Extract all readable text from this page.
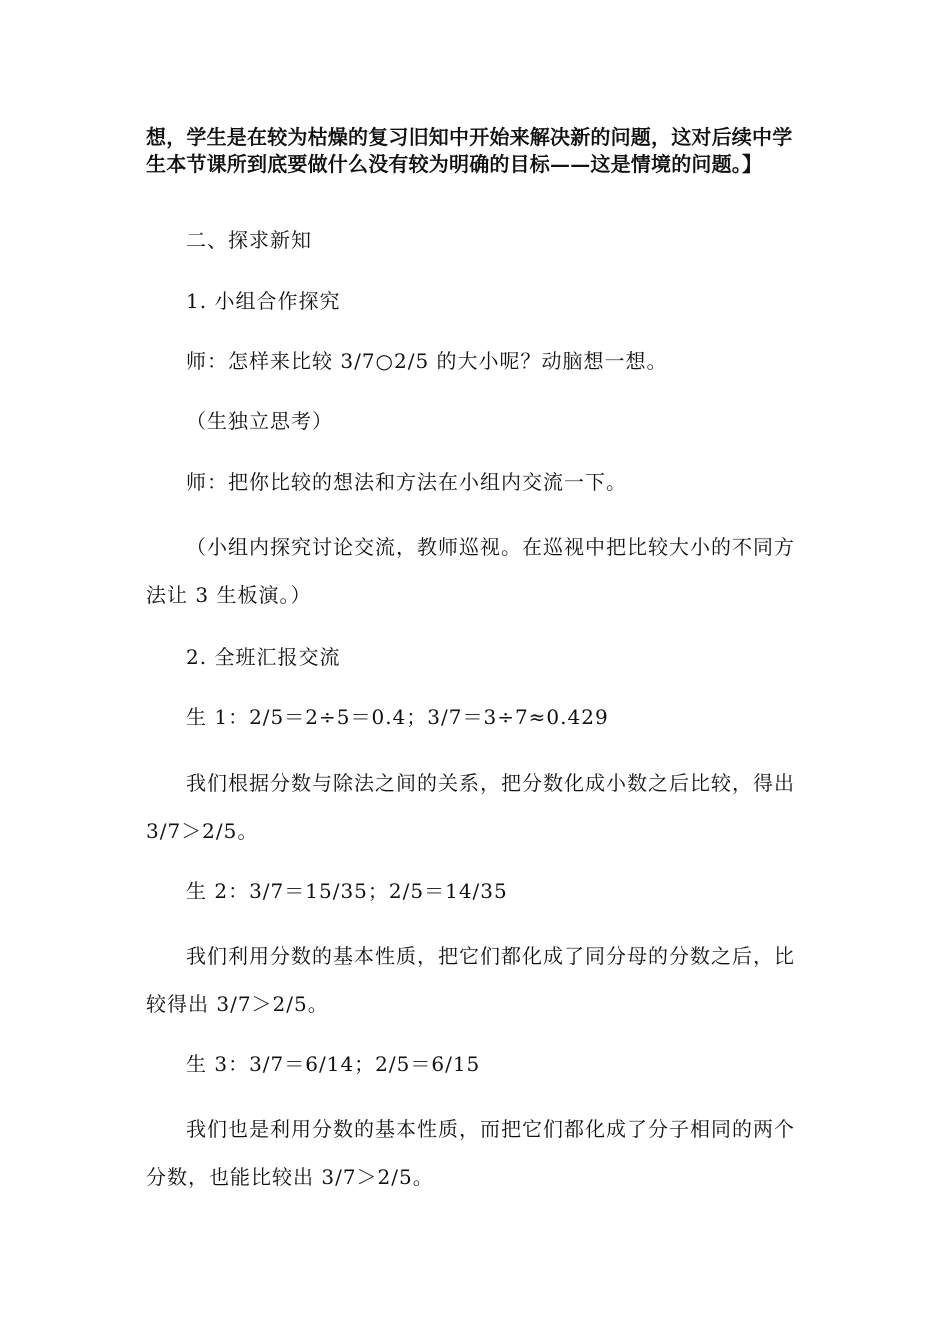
想，学生是在较为枯燥的复习旧知中开始来解决新的问题，这对后续中学生本节课所到底要做什么没有较为明确的目标——这是情境的问题。】
二、探求新知
1. 小组合作探究
师：怎样来比较 3/7○2/5 的大小呢？动脑想一想。
（生独立思考）
师：把你比较的想法和方法在小组内交流一下。
（小组内探究讨论交流，教师巡视。在巡视中把比较大小的不同方法让 3 生板演。）
2. 全班汇报交流
生 1：2/5＝2÷5＝0.4；3/7＝3÷7≈0.429
我们根据分数与除法之间的关系，把分数化成小数之后比较，得出 3/7＞2/5。
生 2：3/7＝15/35；2/5＝14/35
我们利用分数的基本性质，把它们都化成了同分母的分数之后，比较得出 3/7＞2/5。
生 3：3/7＝6/14；2/5＝6/15
我们也是利用分数的基本性质，而把它们都化成了分子相同的两个分数，也能比较出 3/7＞2/5。
